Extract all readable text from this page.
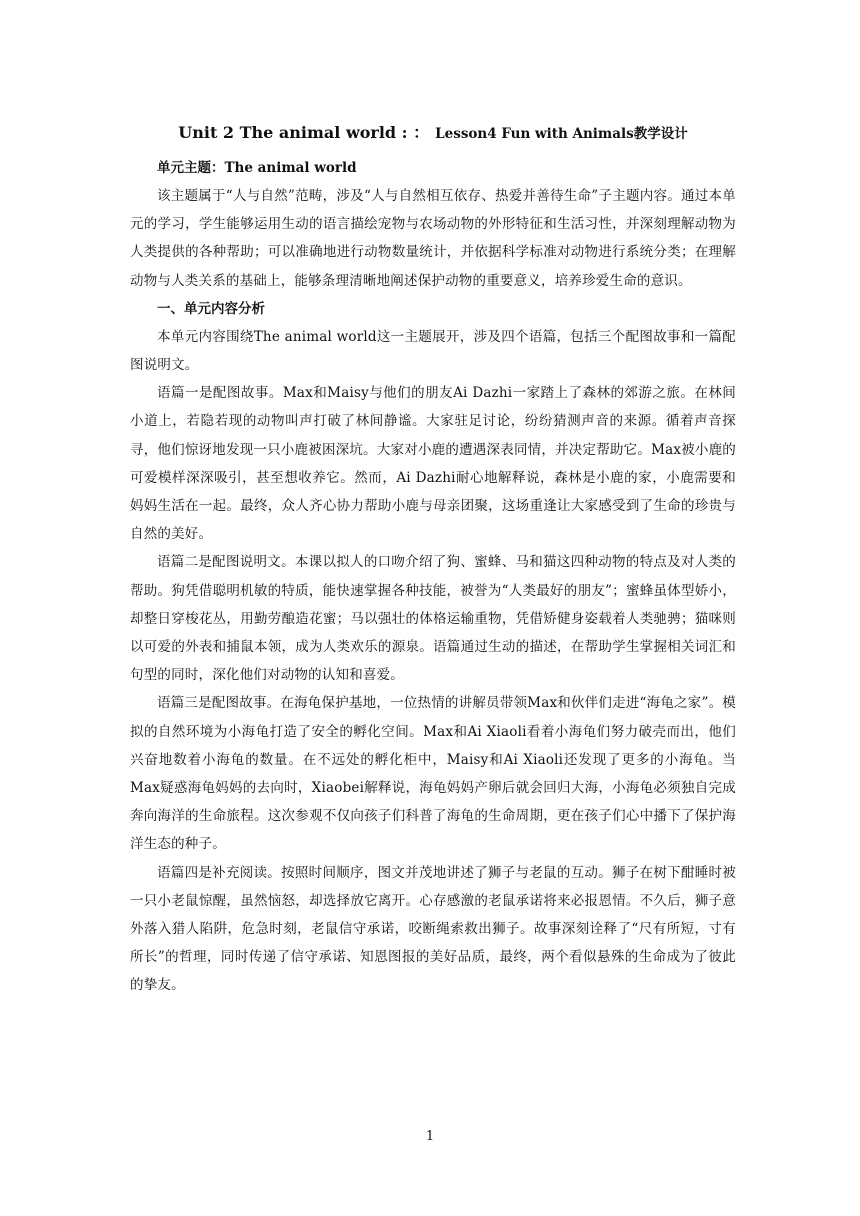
Unit 2 The animal world : ： Lesson4 Fun with Animals教学设计

单元主题：The animal world

该主题属于“人与自然”范畴，涉及“人与自然相互依存、热爱并善待生命”子主题内容。通过本单元的学习，学生能够运用生动的语言描绘宠物与农场动物的外形特征和生活习性，并深刻理解动物为人类提供的各种帮助；可以准确地进行动物数量统计，并依据科学标准对动物进行系统分类；在理解动物与人类关系的基础上，能够条理清晰地阐述保护动物的重要意义，培养珍爱生命的意识。

一、单元内容分析

本单元内容围绕The animal world这一主题展开，涉及四个语篇，包括三个配图故事和一篇配图说明文。

语篇一是配图故事。Max和Maisy与他们的朋友Ai Dazhi一家踏上了森林的郊游之旅。在林间小道上，若隐若现的动物叫声打破了林间静谧。大家驻足讨论，纷纷猜测声音的来源。循着声音探寻，他们惊讶地发现一只小鹿被困深坑。大家对小鹿的遭遇深表同情，并决定帮助它。Max被小鹿的可爱模样深深吸引，甚至想收养它。然而，Ai Dazhi耐心地解释说，森林是小鹿的家，小鹿需要和妈妈生活在一起。最终，众人齐心协力帮助小鹿与母亲团聚，这场重逢让大家感受到了生命的珍贵与自然的美好。

语篇二是配图说明文。本课以拟人的口吻介绍了狗、蜜蜂、马和猫这四种动物的特点及对人类的帮助。狗凭借聪明机敏的特质，能快速掌握各种技能，被誉为“人类最好的朋友”；蜜蜂虽体型娇小，却整日穿梭花丛，用勤劳酿造花蜜；马以强壮的体格运输重物，凭借矫健身姿载着人类驰骋；猫咪则以可爱的外表和捕鼠本领，成为人类欢乐的源泉。语篇通过生动的描述，在帮助学生掌握相关词汇和句型的同时，深化他们对动物的认知和喜爱。

语篇三是配图故事。在海龟保护基地，一位热情的讲解员带领Max和伙伴们走进“海龟之家”。模拟的自然环境为小海龟打造了安全的孵化空间。Max和Ai Xiaoli看着小海龟们努力破壳而出，他们兴奋地数着小海龟的数量。在不远处的孵化柜中，Maisy和Ai Xiaoli还发现了更多的小海龟。当Max疑惑海龟妈妈的去向时，Xiaobei解释说，海龟妈妈产卵后就会回归大海，小海龟必须独自完成奔向海洋的生命旅程。这次参观不仅向孩子们科普了海龟的生命周期，更在孩子们心中播下了保护海洋生态的种子。

语篇四是补充阅读。按照时间顺序，图文并茂地讲述了狮子与老鼠的互动。狮子在树下酣睡时被一只小老鼠惊醒，虽然恼怒，却选择放它离开。心存感激的老鼠承诺将来必报恩情。不久后，狮子意外落入猎人陷阱，危急时刻，老鼠信守承诺，咬断绳索救出狮子。故事深刻诠释了“尺有所短，寸有所长”的哲理，同时传递了信守承诺、知恩图报的美好品质，最终，两个看似悬殊的生命成为了彼此的挚友。

1
